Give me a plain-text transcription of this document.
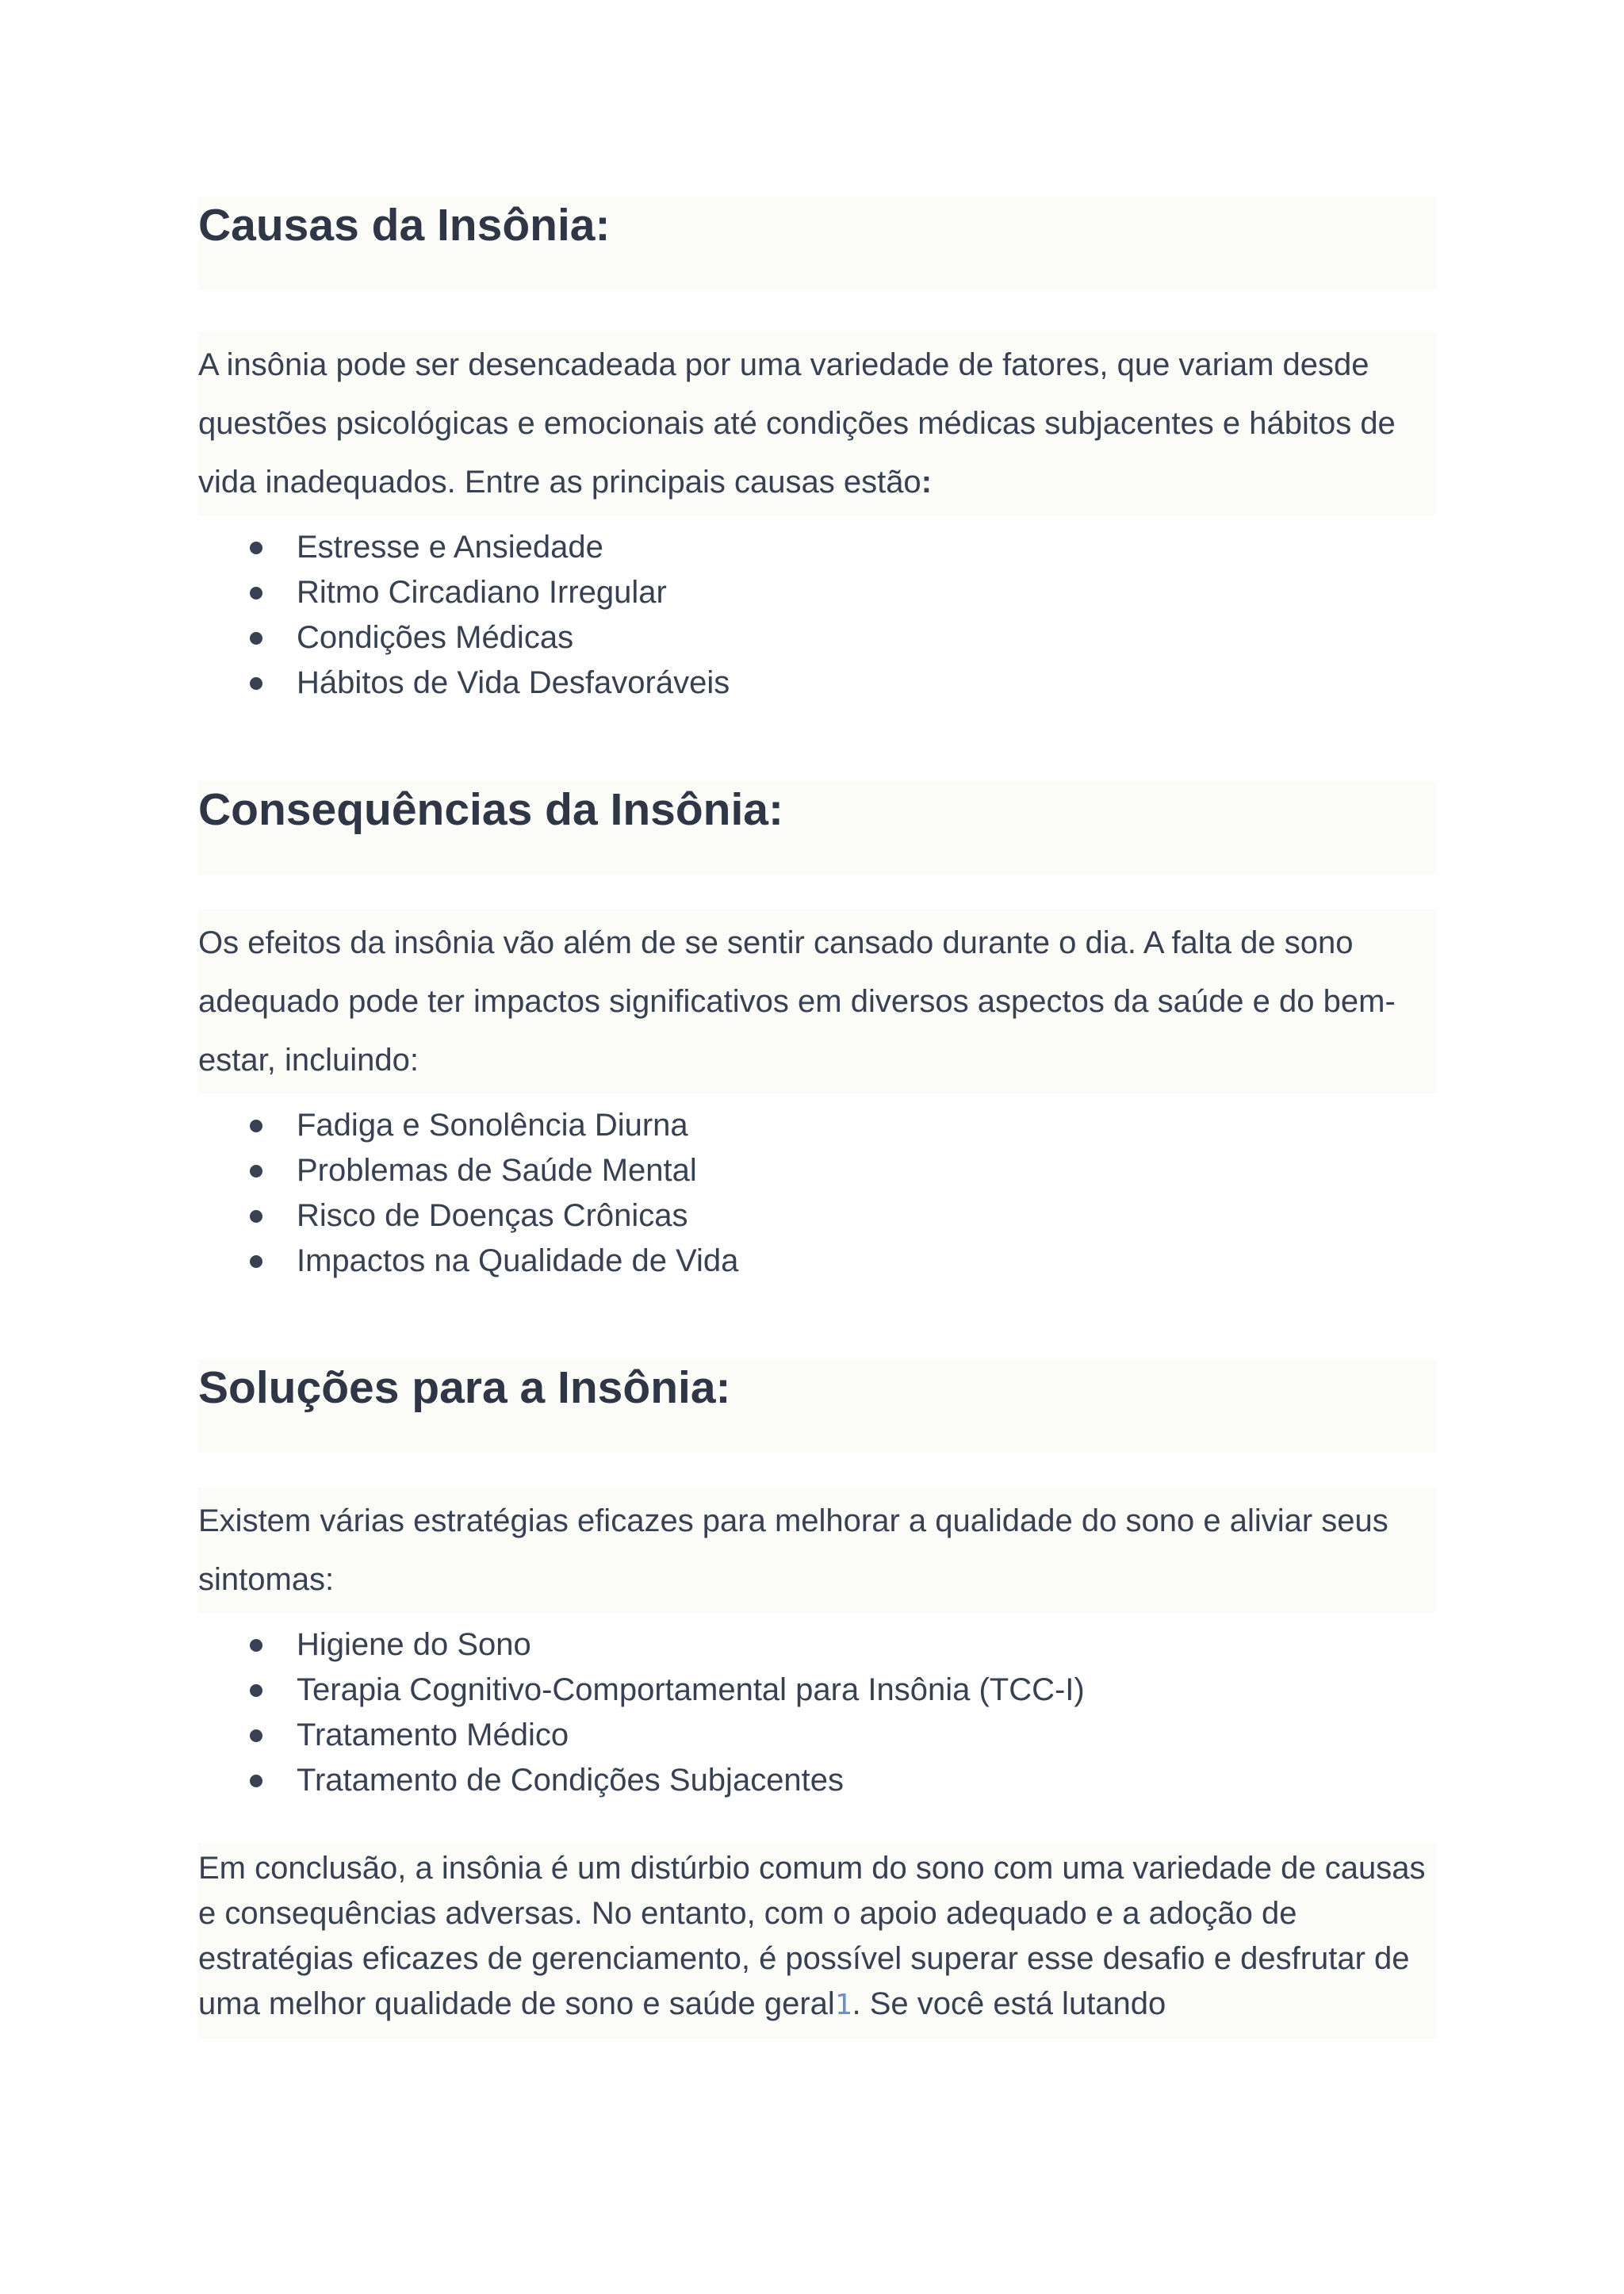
Causas da Insônia:

A insônia pode ser desencadeada por uma variedade de fatores, que variam desde questões psicológicas e emocionais até condições médicas subjacentes e hábitos de vida inadequados. Entre as principais causas estão:

Estresse e Ansiedade
Ritmo Circadiano Irregular
Condições Médicas
Hábitos de Vida Desfavoráveis
Consequências da Insônia:

Os efeitos da insônia vão além de se sentir cansado durante o dia. A falta de sono adequado pode ter impactos significativos em diversos aspectos da saúde e do bem-estar, incluindo:

Fadiga e Sonolência Diurna
Problemas de Saúde Mental
Risco de Doenças Crônicas
Impactos na Qualidade de Vida
Soluções para a Insônia:

Existem várias estratégias eficazes para melhorar a qualidade do sono e aliviar seus sintomas:

Higiene do Sono
Terapia Cognitivo-Comportamental para Insônia (TCC-I)
Tratamento Médico
Tratamento de Condições Subjacentes

Em conclusão, a insônia é um distúrbio comum do sono com uma variedade de causas e consequências adversas. No entanto, com o apoio adequado e a adoção de estratégias eficazes de gerenciamento, é possível superar esse desafio e desfrutar de uma melhor qualidade de sono e saúde geral1. Se você está lutando
